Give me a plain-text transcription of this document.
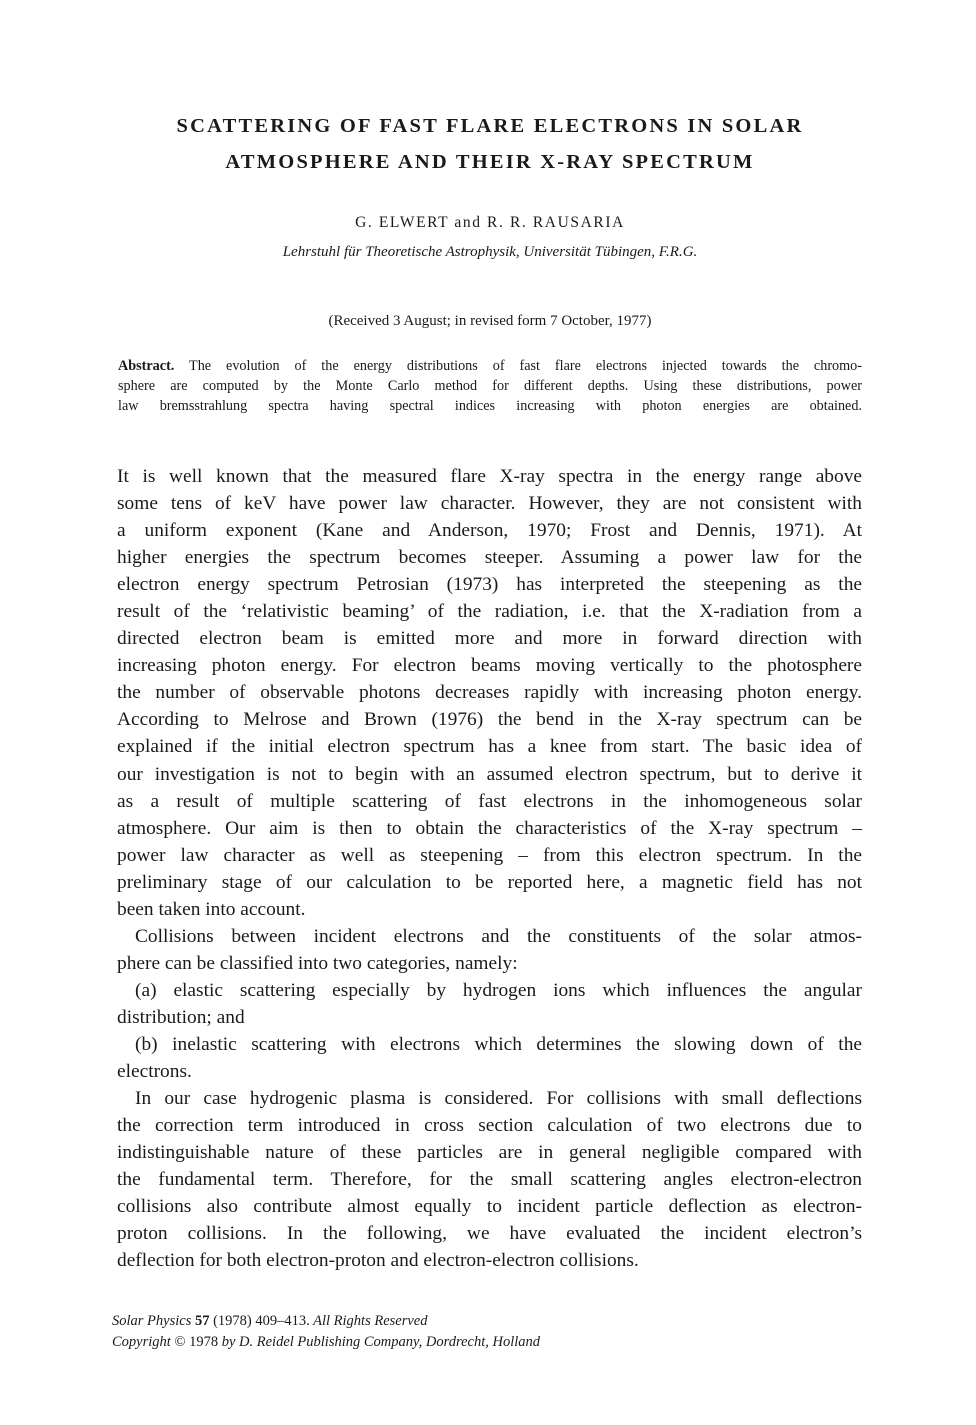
SCATTERING OF FAST FLARE ELECTRONS IN SOLAR
ATMOSPHERE AND THEIR X-RAY SPECTRUM
G. ELWERT and R. R. RAUSARIA
Lehrstuhl für Theoretische Astrophysik, Universität Tübingen, F.R.G.
(Received 3 August; in revised form 7 October, 1977)
Abstract. The evolution of the energy distributions of fast flare electrons injected towards the chromo-
sphere are computed by the Monte Carlo method for different depths. Using these distributions, power
law bremsstrahlung spectra having spectral indices increasing with photon energies are obtained.
It is well known that the measured flare X-ray spectra in the energy range above
some tens of keV have power law character. However, they are not consistent with
a uniform exponent (Kane and Anderson, 1970; Frost and Dennis, 1971). At
higher energies the spectrum becomes steeper. Assuming a power law for the
electron energy spectrum Petrosian (1973) has interpreted the steepening as the
result of the ‘relativistic beaming’ of the radiation, i.e. that the X-radiation from a
directed electron beam is emitted more and more in forward direction with
increasing photon energy. For electron beams moving vertically to the photosphere
the number of observable photons decreases rapidly with increasing photon energy.
According to Melrose and Brown (1976) the bend in the X-ray spectrum can be
explained if the initial electron spectrum has a knee from start. The basic idea of
our investigation is not to begin with an assumed electron spectrum, but to derive it
as a result of multiple scattering of fast electrons in the inhomogeneous solar
atmosphere. Our aim is then to obtain the characteristics of the X-ray spectrum –
power law character as well as steepening – from this electron spectrum. In the
preliminary stage of our calculation to be reported here, a magnetic field has not
been taken into account.
Collisions between incident electrons and the constituents of the solar atmos-
phere can be classified into two categories, namely:
(a) elastic scattering especially by hydrogen ions which influences the angular
distribution; and
(b) inelastic scattering with electrons which determines the slowing down of the
electrons.
In our case hydrogenic plasma is considered. For collisions with small deflections
the correction term introduced in cross section calculation of two electrons due to
indistinguishable nature of these particles are in general negligible compared with
the fundamental term. Therefore, for the small scattering angles electron-electron
collisions also contribute almost equally to incident particle deflection as electron-
proton collisions. In the following, we have evaluated the incident electron’s
deflection for both electron-proton and electron-electron collisions.
Solar Physics 57 (1978) 409–413. All Rights Reserved
Copyright © 1978 by D. Reidel Publishing Company, Dordrecht, Holland
